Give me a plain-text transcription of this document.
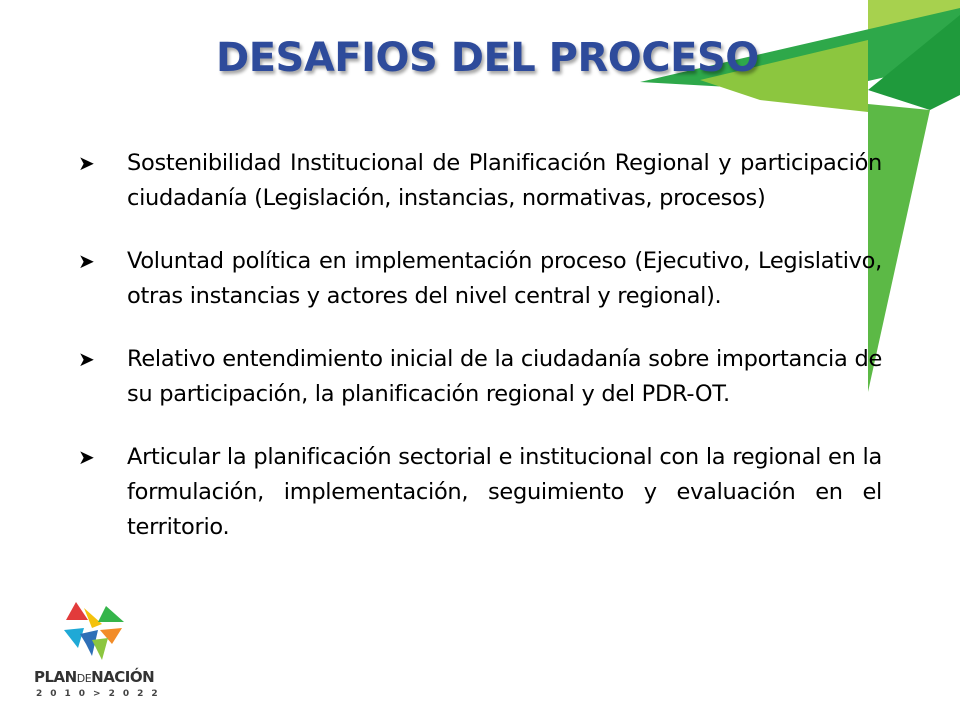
DESAFIOS DEL PROCESO
➤ Sostenibilidad Institucional de Planificación Regional y participación ciudadanía (Legislación, instancias, normativas, procesos)
➤ Voluntad política en implementación proceso (Ejecutivo, Legislativo, otras instancias y actores del nivel central y regional).
➤ Relativo entendimiento inicial de la ciudadanía sobre importancia de su participación, la planificación regional y del PDR-OT.
➤ Articular la planificación sectorial e institucional con la regional en la formulación, implementación, seguimiento y evaluación en el territorio.
PLANDENACIÓN
2010>2022
